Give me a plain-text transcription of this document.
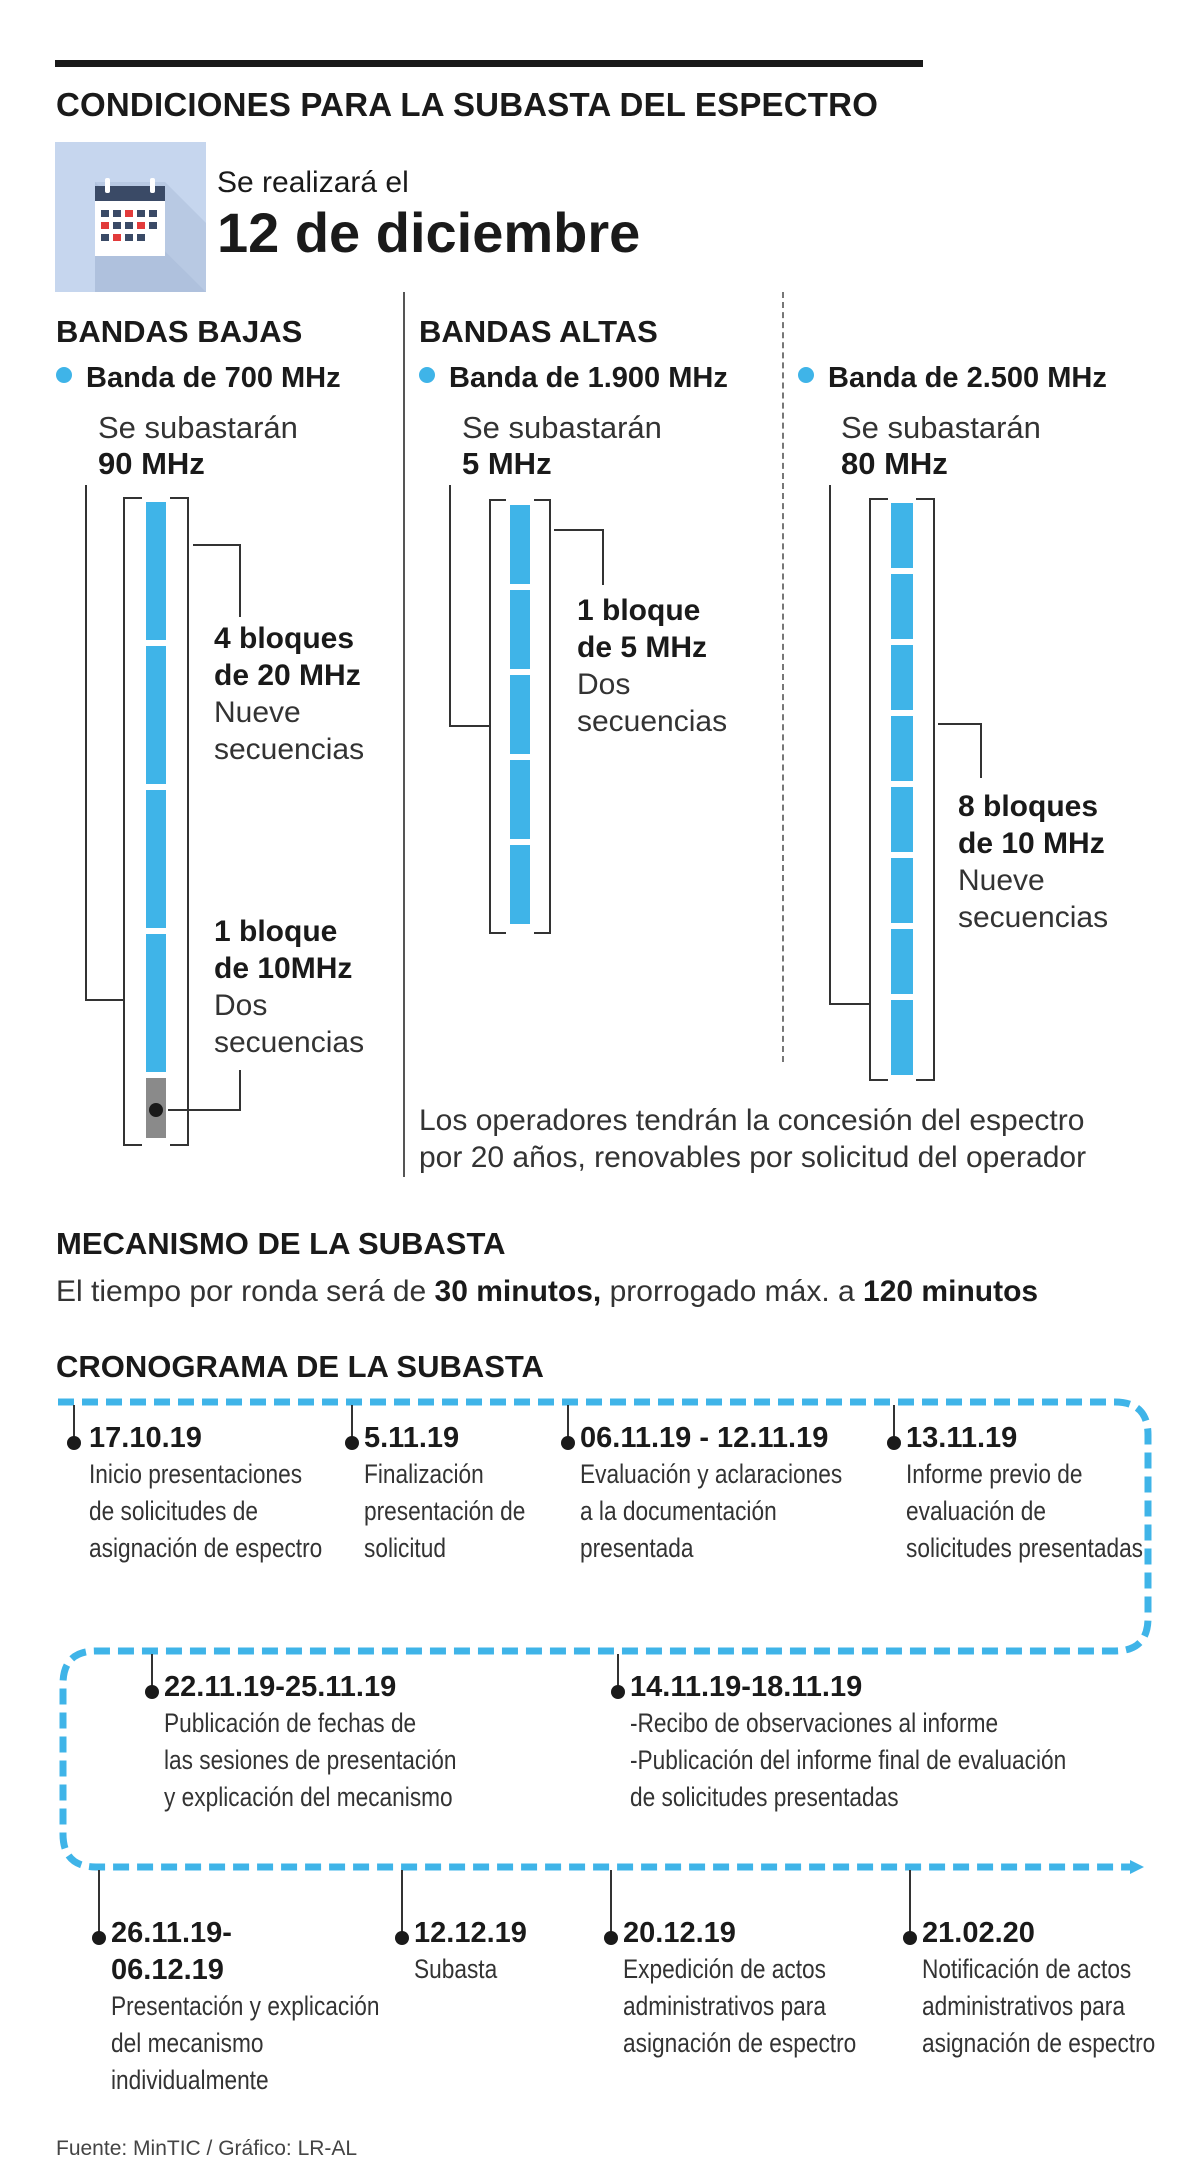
CONDICIONES PARA LA SUBASTA DEL ESPECTRO
Se realizará el
12 de diciembre
BANDAS BAJAS
Banda de 700 MHz
Se subastarán
90 MHz
4 bloques
de 20 MHz
Nueve
secuencias
1 bloque
de 10MHz
Dos
secuencias
BANDAS ALTAS
Banda de 1.900 MHz
Se subastarán
5 MHz
1 bloque
de 5 MHz
Dos
secuencias
Banda de 2.500 MHz
Se subastarán
80 MHz
8 bloques
de 10 MHz
Nueve
secuencias
Los operadores tendrán la concesión del espectro
por 20 años, renovables por solicitud del operador
MECANISMO DE LA SUBASTA
El tiempo por ronda será de 30 minutos, prorrogado máx. a 120 minutos
CRONOGRAMA DE LA SUBASTA
17.10.19
Inicio presentaciones
de solicitudes de
asignación de espectro
5.11.19
Finalización
presentación de
solicitud
06.11.19 - 12.11.19
Evaluación y aclaraciones
a la documentación
presentada
13.11.19
Informe previo de
evaluación de
solicitudes presentadas
22.11.19-25.11.19
Publicación de fechas de
las sesiones de presentación
y explicación del mecanismo
14.11.19-18.11.19
-Recibo de observaciones al informe
-Publicación del informe final de evaluación
de solicitudes presentadas
26.11.19-
06.12.19
Presentación y explicación
del mecanismo
individualmente
12.12.19
Subasta
20.12.19
Expedición de actos
administrativos para
asignación de espectro
21.02.20
Notificación de actos
administrativos para
asignación de espectro
Fuente: MinTIC / Gráfico: LR-AL
